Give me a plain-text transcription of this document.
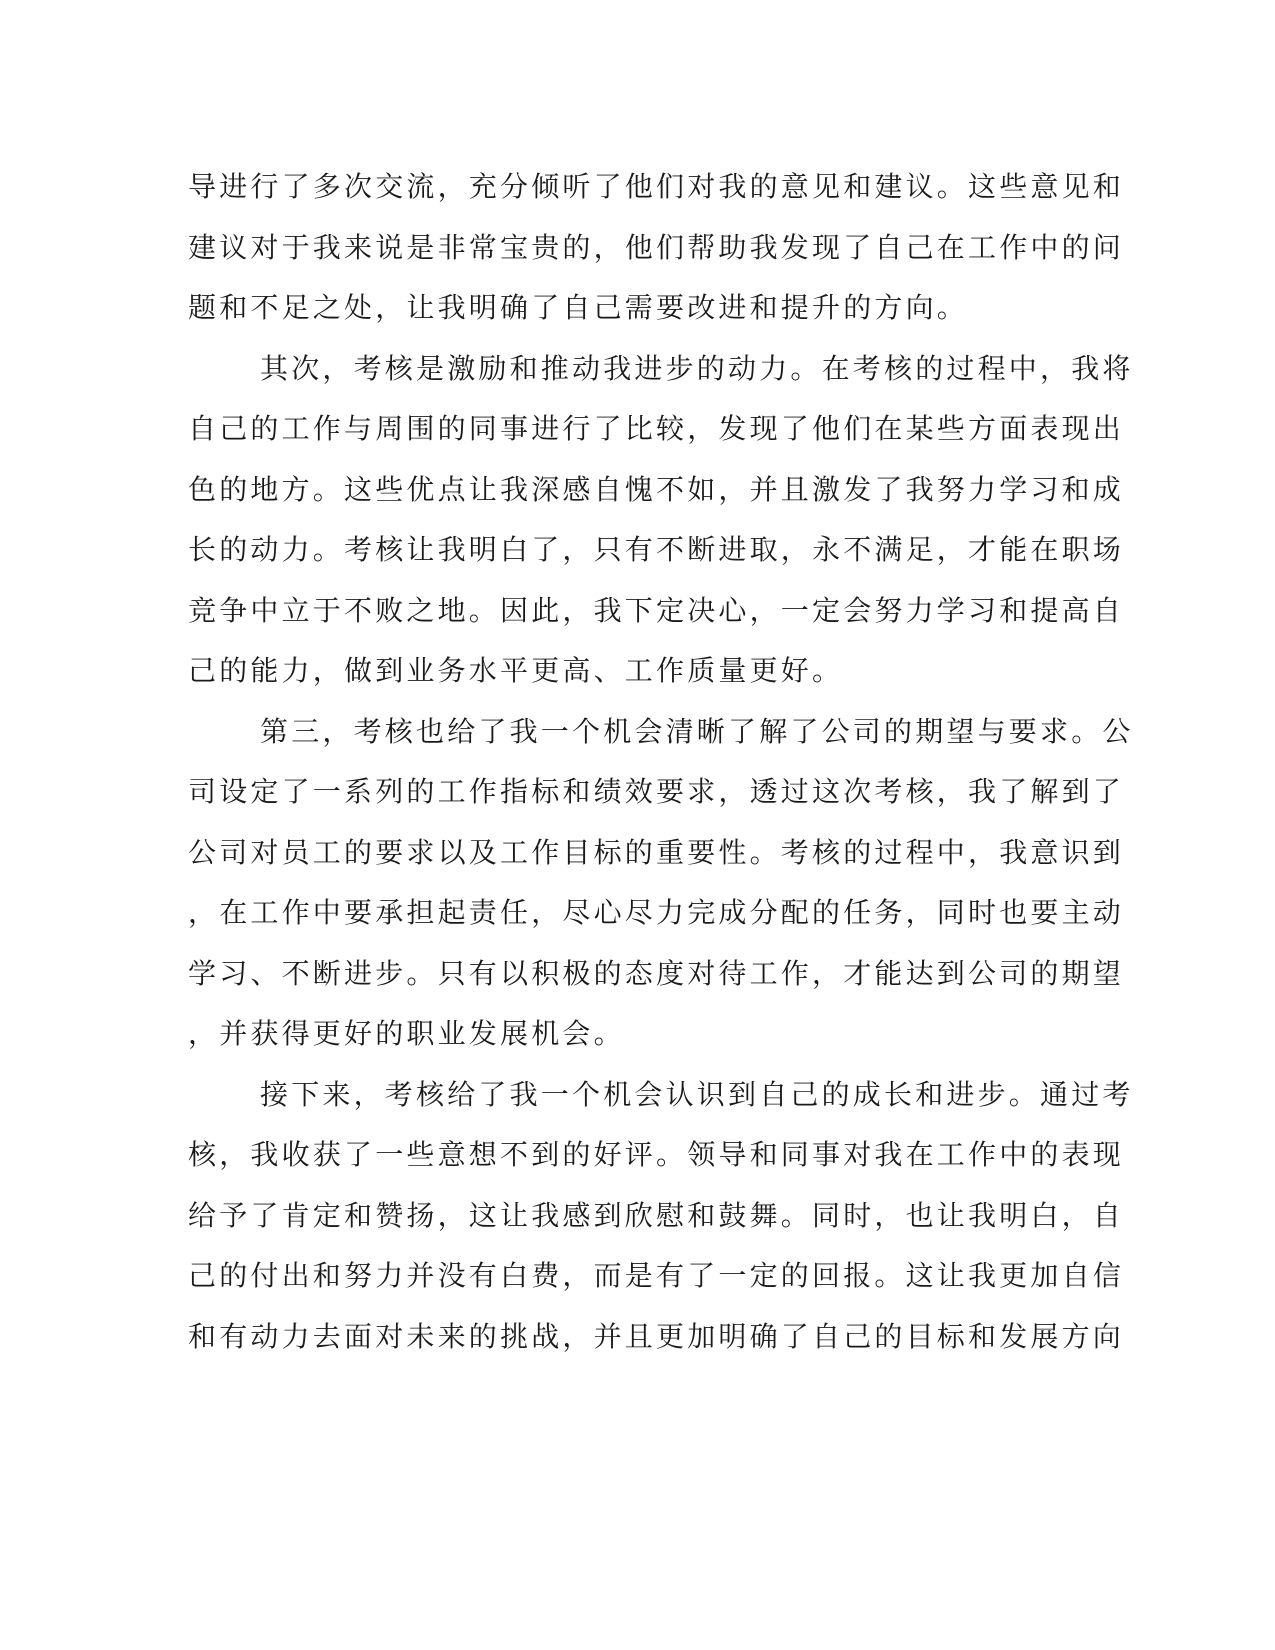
导进行了多次交流，充分倾听了他们对我的意见和建议。这些意见和
建议对于我来说是非常宝贵的，他们帮助我发现了自己在工作中的问
题和不足之处，让我明确了自己需要改进和提升的方向。
其次，考核是激励和推动我进步的动力。在考核的过程中，我将
自己的工作与周围的同事进行了比较，发现了他们在某些方面表现出
色的地方。这些优点让我深感自愧不如，并且激发了我努力学习和成
长的动力。考核让我明白了，只有不断进取，永不满足，才能在职场
竞争中立于不败之地。因此，我下定决心，一定会努力学习和提高自
己的能力，做到业务水平更高、工作质量更好。
第三，考核也给了我一个机会清晰了解了公司的期望与要求。公
司设定了一系列的工作指标和绩效要求，透过这次考核，我了解到了
公司对员工的要求以及工作目标的重要性。考核的过程中，我意识到
，在工作中要承担起责任，尽心尽力完成分配的任务，同时也要主动
学习、不断进步。只有以积极的态度对待工作，才能达到公司的期望
，并获得更好的职业发展机会。
接下来，考核给了我一个机会认识到自己的成长和进步。通过考
核，我收获了一些意想不到的好评。领导和同事对我在工作中的表现
给予了肯定和赞扬，这让我感到欣慰和鼓舞。同时，也让我明白，自
己的付出和努力并没有白费，而是有了一定的回报。这让我更加自信
和有动力去面对未来的挑战，并且更加明确了自己的目标和发展方向
